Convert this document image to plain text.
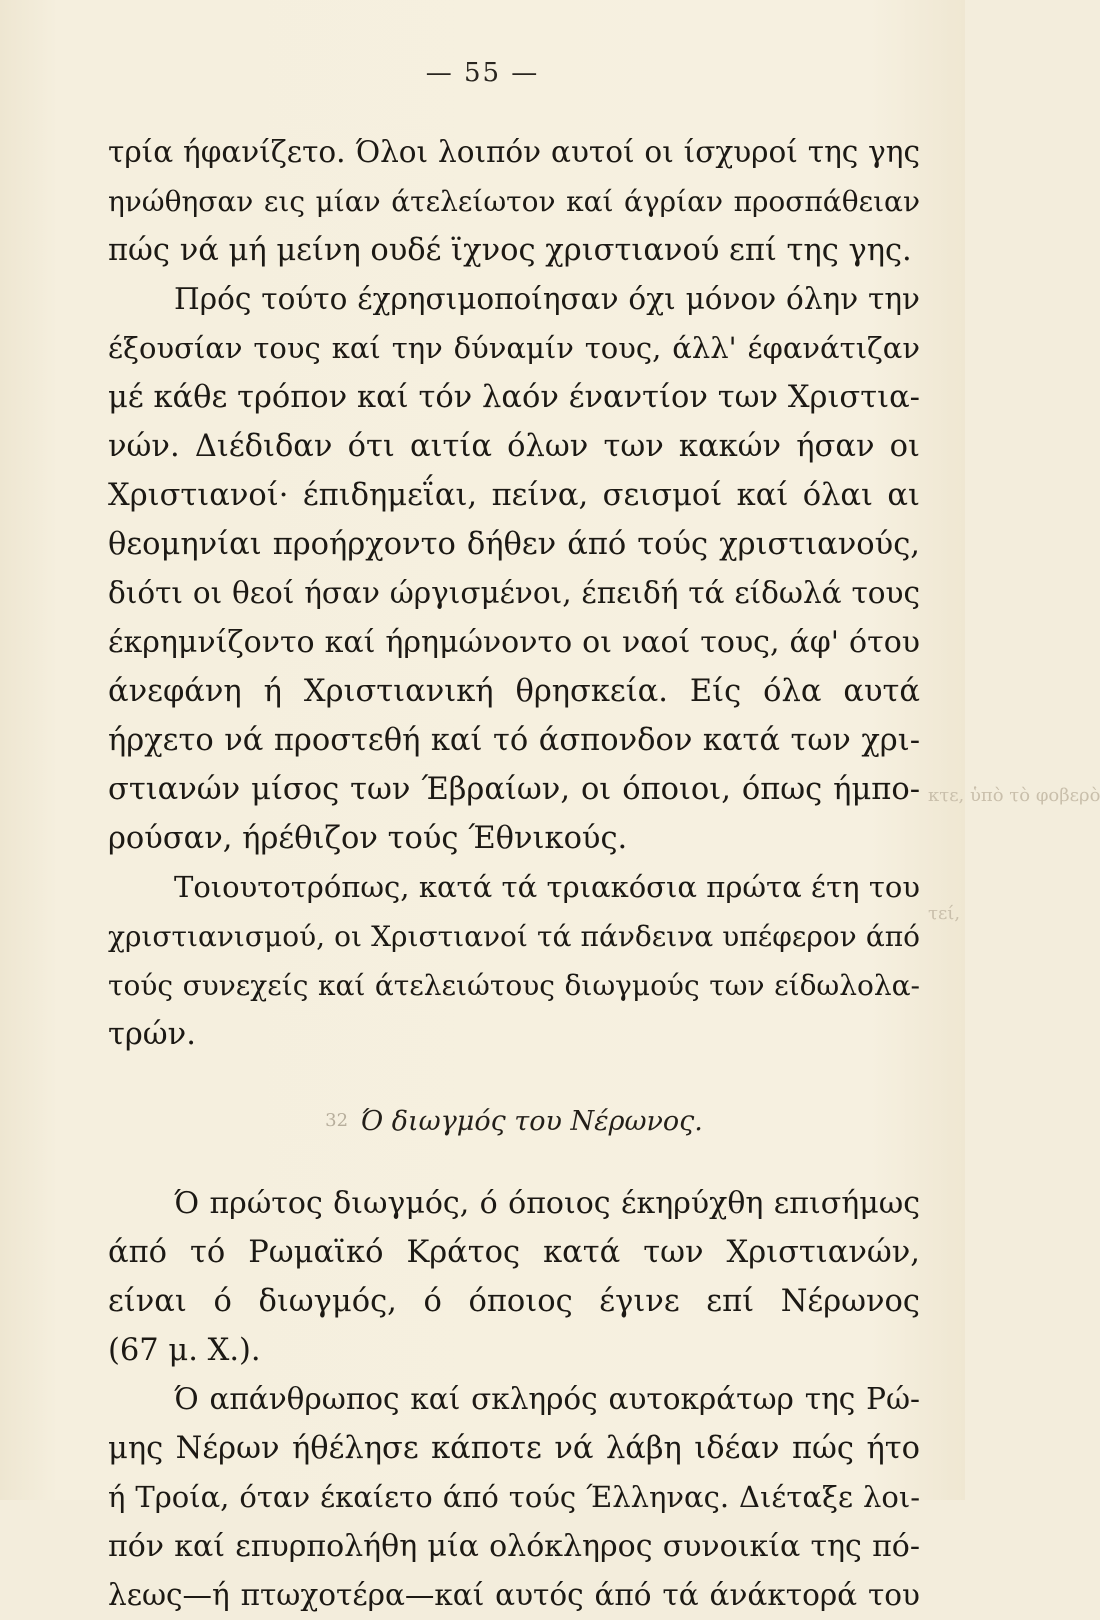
— 55 —
κτε, ὑπὸ τὸ φοβερὸ
τεί,
τρία ήφανίζετο. Όλοι λοιπόν αυτοί οι ίσχυροί της γης
ηνώθησαν εις μίαν άτελείωτον καί άγρίαν προσπάθειαν
πώς νά μή μείνη ουδέ ϊχνος χριστιανού επί της γης.
Πρός τούτο έχρησιμοποίησαν όχι μόνον όλην την
έξουσίαν τους καί την δύναμίν τους, άλλ' έφανάτιζαν
μέ κάθε τρόπον καί τόν λαόν έναντίον των Χριστια-
νών. Διέδιδαν ότι αιτία όλων των κακών ήσαν οι
Χριστιανοί· έπιδημεΐαι, πείνα, σεισμοί καί όλαι αι
θεομηνίαι προήρχοντο δήθεν άπό τούς χριστιανούς,
διότι οι θεοί ήσαν ώργισμένοι, έπειδή τά είδωλά τους
έκρημνίζοντο καί ήρημώνοντο οι ναοί τους, άφ' ότου
άνεφάνη ή Χριστιανική θρησκεία. Είς όλα αυτά
ήρχετο νά προστεθή καί τό άσπονδον κατά των χρι-
στιανών μίσος των Έβραίων, οι όποιοι, όπως ήμπο-
ρούσαν, ήρέθιζον τούς Έθνικούς.
Τοιουτοτρόπως, κατά τά τριακόσια πρώτα έτη του
χριστιανισμού, οι Χριστιανοί τά πάνδεινα υπέφερον άπό
τούς συνεχείς καί άτελειώτους διωγμούς των είδωλολα-
τρών.
32 Ό διωγμός του Νέρωνος.
Ό πρώτος διωγμός, ό όποιος έκηρύχθη επισήμως
άπό τό Ρωμαϊκό Κράτος κατά των Χριστιανών,
είναι ό διωγμός, ό όποιος έγινε επί Νέρωνος
(67 μ. Χ.).
Ό απάνθρωπος καί σκληρός αυτοκράτωρ της Ρώ-
μης Νέρων ήθέλησε κάποτε νά λάβη ιδέαν πώς ήτο
ή Τροία, όταν έκαίετο άπό τούς Έλληνας. Διέταξε λοι-
πόν καί επυρπολήθη μία ολόκληρος συνοικία της πό-
λεως—ή πτωχοτέρα—καί αυτός άπό τά άνάκτορά του
